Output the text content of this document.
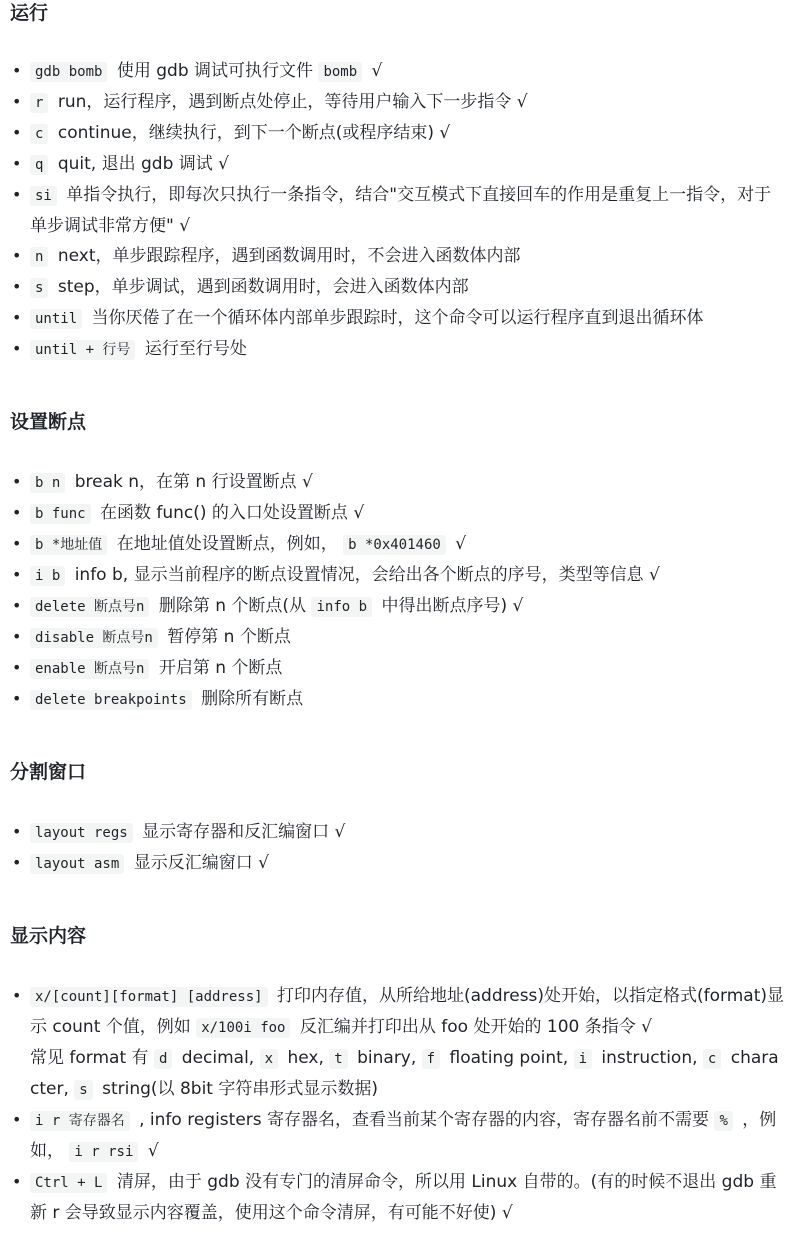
运行
• gdb bomb 使用 gdb 调试可执行文件 bomb √
• r run，运行程序，遇到断点处停止，等待用户输入下一步指令 √
• c continue，继续执行，到下一个断点(或程序结束) √
• q quit, 退出 gdb 调试 √
• si 单指令执行，即每次只执行一条指令，结合"交互模式下直接回车的作用是重复上一指令，对于单步调试非常方便" √
• n next，单步跟踪程序，遇到函数调用时，不会进入函数体内部
• s step，单步调试，遇到函数调用时，会进入函数体内部
• until 当你厌倦了在一个循环体内部单步跟踪时，这个命令可以运行程序直到退出循环体
• until + 行号 运行至行号处
设置断点
• b n break n，在第 n 行设置断点 √
• b func 在函数 func() 的入口处设置断点 √
• b *地址值 在地址值处设置断点，例如， b *0x401460 √
• i b info b, 显示当前程序的断点设置情况，会给出各个断点的序号，类型等信息 √
• delete 断点号n 删除第 n 个断点(从 info b 中得出断点序号) √
• disable 断点号n 暂停第 n 个断点
• enable 断点号n 开启第 n 个断点
• delete breakpoints 删除所有断点
分割窗口
• layout regs 显示寄存器和反汇编窗口 √
• layout asm 显示反汇编窗口 √
显示内容
• x/[count][format] [address] 打印内存值，从所给地址(address)处开始，以指定格式(format)显示 count 个值，例如 x/100i foo 反汇编并打印出从 foo 处开始的 100 条指令 √
常见 format 有 d decimal, x hex, t binary, f floating point, i instruction, c character, s string(以 8bit 字符串形式显示数据)
• i r 寄存器名 , info registers 寄存器名，查看当前某个寄存器的内容，寄存器名前不需要 % ，例如， i r rsi √
• Ctrl + L 清屏，由于 gdb 没有专门的清屏命令，所以用 Linux 自带的。(有的时候不退出 gdb 重新 r 会导致显示内容覆盖，使用这个命令清屏，有可能不好使) √
